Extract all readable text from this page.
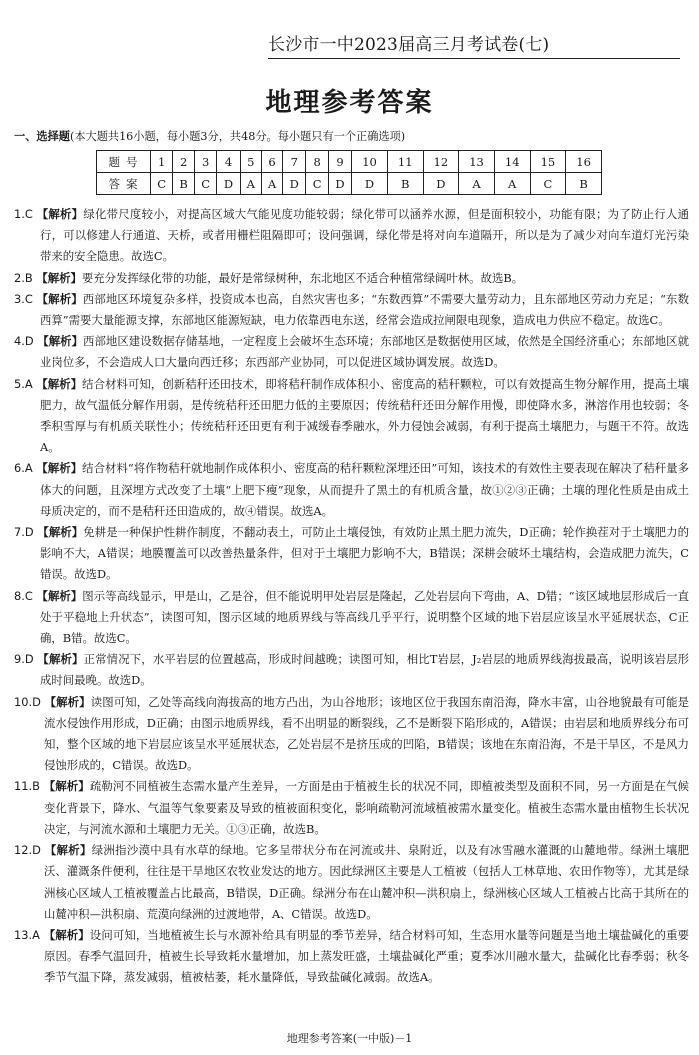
长沙市一中2023届高三月考试卷(七)
地理参考答案
一、选择题(本大题共16小题，每小题3分，共48分。每小题只有一个正确选项)
题号	1	2	3	4	5	6	7	8	9	10	11	12	13	14	15	16
答案	C	B	C	D	A	A	D	C	D	D	B	D	A	A	C	B

1.C 【解析】绿化带尺度较小，对提高区域大气能见度功能较弱；绿化带可以涵养水源，但是面积较小，功能有限；为了防止行人通行，可以修建人行通道、天桥，或者用栅栏阻隔即可；设问强调，绿化带是将对向车道隔开，所以是为了减少对向车道灯光污染带来的安全隐患。故选C。

2.B 【解析】要充分发挥绿化带的功能，最好是常绿树种，东北地区不适合种植常绿阔叶林。故选B。

3.C 【解析】西部地区环境复杂多样，投资成本也高，自然灾害也多；“东数西算”不需要大量劳动力，且东部地区劳动力充足；“东数西算”需要大量能源支撑，东部地区能源短缺，电力依靠西电东送，经常会造成拉闸限电现象，造成电力供应不稳定。故选C。

4.D 【解析】西部地区建设数据存储基地，一定程度上会破坏生态环境；东部地区是数据使用区域，依然是全国经济重心；东部地区就业岗位多，不会造成人口大量向西迁移；东西部产业协同，可以促进区域协调发展。故选D。

5.A 【解析】结合材料可知，创新秸秆还田技术，即将秸秆制作成体积小、密度高的秸秆颗粒，可以有效提高生物分解作用，提高土壤肥力，故气温低分解作用弱，是传统秸秆还田肥力低的主要原因；传统秸秆还田分解作用慢，即使降水多，淋溶作用也较弱；冬季积雪厚与有机质关联性小；传统秸秆还田更有利于减缓春季融水，外力侵蚀会减弱，有利于提高土壤肥力，与题干不符。故选A。

6.A 【解析】结合材料“将作物秸秆就地制作成体积小、密度高的秸秆颗粒深埋还田”可知，该技术的有效性主要表现在解决了秸秆量多体大的问题，且深埋方式改变了土壤“上肥下瘦”现象，从而提升了黑土的有机质含量，故①②③正确；土壤的理化性质是由成土母质决定的，而不是秸秆还田造成的，故④错误。故选A。

7.D 【解析】免耕是一种保护性耕作制度，不翻动表土，可防止土壤侵蚀，有效防止黑土肥力流失，D正确；轮作换茬对于土壤肥力的影响不大，A错误；地膜覆盖可以改善热量条件，但对于土壤肥力影响不大，B错误；深耕会破坏土壤结构，会造成肥力流失，C错误。故选D。

8.C 【解析】图示等高线显示，甲是山，乙是谷，但不能说明甲处岩层是隆起，乙处岩层向下弯曲，A、D错；“该区域地层形成后一直处于平稳地上升状态”，读图可知，图示区域的地质界线与等高线几乎平行，说明整个区域的地下岩层应该呈水平延展状态，C正确，B错。故选C。

9.D 【解析】正常情况下，水平岩层的位置越高，形成时间越晚；读图可知，相比T岩层，J₂岩层的地质界线海拔最高，说明该岩层形成时间最晚。故选D。

10.D 【解析】读图可知，乙处等高线向海拔高的地方凸出，为山谷地形；该地区位于我国东南沿海，降水丰富，山谷地貌最有可能是流水侵蚀作用形成，D正确；由图示地质界线，看不出明显的断裂线，乙不是断裂下陷形成的，A错误；由岩层和地质界线分布可知，整个区域的地下岩层应该呈水平延展状态，乙处岩层不是挤压成的凹陷，B错误；该地在东南沿海，不是干旱区，不是风力侵蚀形成的，C错误。故选D。

11.B 【解析】疏勒河不同植被生态需水量产生差异，一方面是由于植被生长的状况不同，即植被类型及面积不同，另一方面是在气候变化背景下，降水、气温等气象要素及导致的植被面积变化，影响疏勒河流域植被需水量变化。植被生态需水量由植物生长状况决定，与河流水源和土壤肥力无关。①③正确，故选B。

12.D 【解析】绿洲指沙漠中具有水草的绿地。它多呈带状分布在河流或井、泉附近，以及有冰雪融水灌溉的山麓地带。绿洲土壤肥沃、灌溉条件便利，往往是干旱地区农牧业发达的地方。因此绿洲区主要是人工植被（包括人工林草地、农田作物等），尤其是绿洲核心区域人工植被覆盖占比最高，B错误，D正确。绿洲分布在山麓冲积—洪积扇上，绿洲核心区域人工植被占比高于其所在的山麓冲积—洪积扇、荒漠向绿洲的过渡地带，A、C错误。故选D。

13.A 【解析】设问可知，当地植被生长与水源补给具有明显的季节差异，结合材料可知，生态用水量等问题是当地土壤盐碱化的重要原因。春季气温回升，植被生长导致耗水量增加，加上蒸发旺盛，土壤盐碱化严重；夏季冰川融水量大，盐碱化比春季弱；秋冬季节气温下降，蒸发减弱，植被枯萎，耗水量降低，导致盐碱化减弱。故选A。

地理参考答案(一中版)－1
